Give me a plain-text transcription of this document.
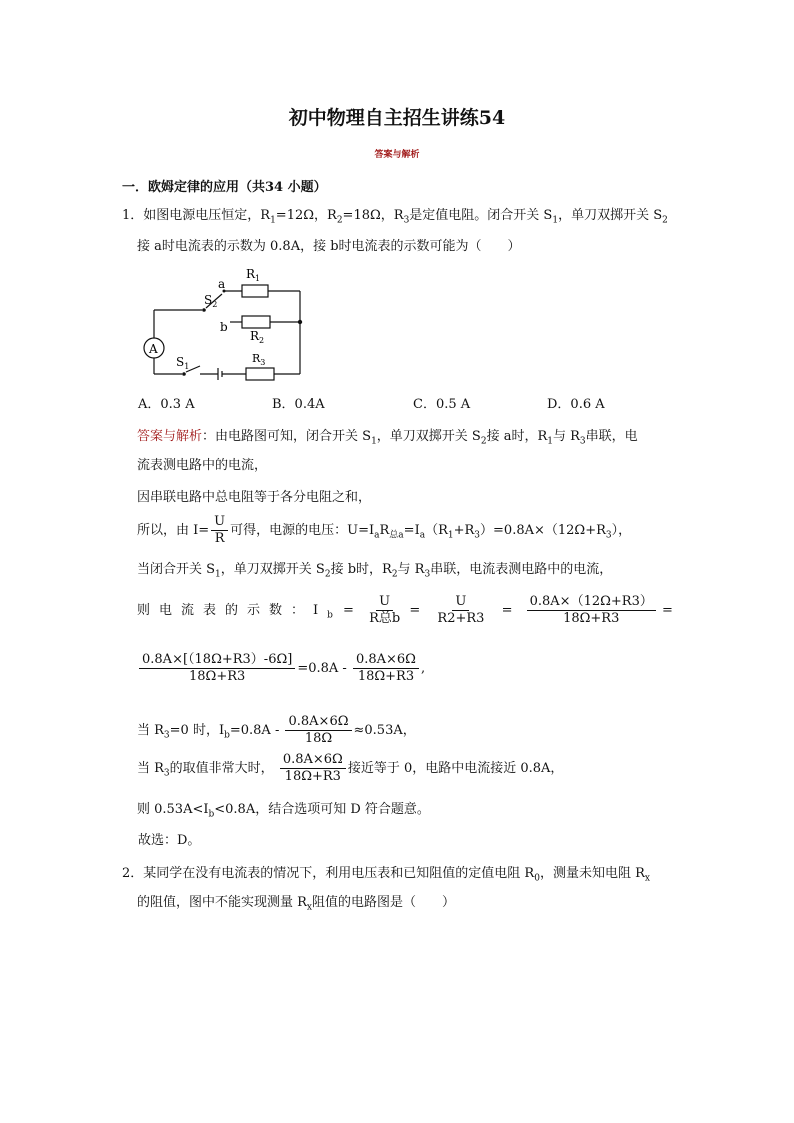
初中物理自主招生讲练54
答案与解析
一．欧姆定律的应用（共34 小题）
1．如图电源电压恒定，$R_1=12\Omega$，$R_2=18\Omega$，$R_3$是定值电阻。闭合开关 $S_1$，单刀双掷开关 $S_2$
接 a时电流表的示数为 0.8A，接 b时电流表的示数可能为（　　）
A
$R_1$
$R_2$
$R_3$
$S_2$
$S_1$
a
b
A．0.3 A	B．0.4A	C．0.5 A	D．0.6 A
答案与解析：由电路图可知，闭合开关 $S_1$，单刀双掷开关 $S_2$接 a时，$R_1$与 $R_3$串联，电
流表测电路中的电流，
因串联电路中总电阻等于各分电阻之和，
所以，由 $I= \frac{U}{R}$ 可得，电源的电压：$U=I_aR_{总a}=I_a(R_1+R_3)=0.8A\times(12\Omega+R_3)$，
当闭合开关 $S_1$，单刀双掷开关 $S_2$接 b时，$R_2$与 $R_3$串联，电流表测电路中的电流，
则电流表的示数：$I_b = \frac{U}{\text{R总b}} = \frac{U}{R2+R3} = \frac{0.8A\times(12\Omega+R3)}{18\Omega+R3}$ =
$\frac{0.8A\times[(18\Omega+R3)-6\Omega]}{18\Omega+R3} =0.8A - \frac{0.8A\times 6\Omega}{18\Omega+R3}$ ,
当 $R_3=0$ 时，$I_b=0.8A - \frac{0.8A\times 6\Omega}{18\Omega} \approx 0.53A$，
当 $R_3$的取值非常大时， $\frac{0.8A\times 6\Omega}{18\Omega+R3}$ 接近等于 0，电路中电流接近 0.8A，
则 $0.53A<I_b<0.8A$，结合选项可知 D 符合题意。
故选：D。
2．某同学在没有电流表的情况下，利用电压表和已知阻值的定值电阻 $R_0$，测量未知电阻 $R_x$
的阻值，图中不能实现测量 $R_x$阻值的电路图是（　　）
